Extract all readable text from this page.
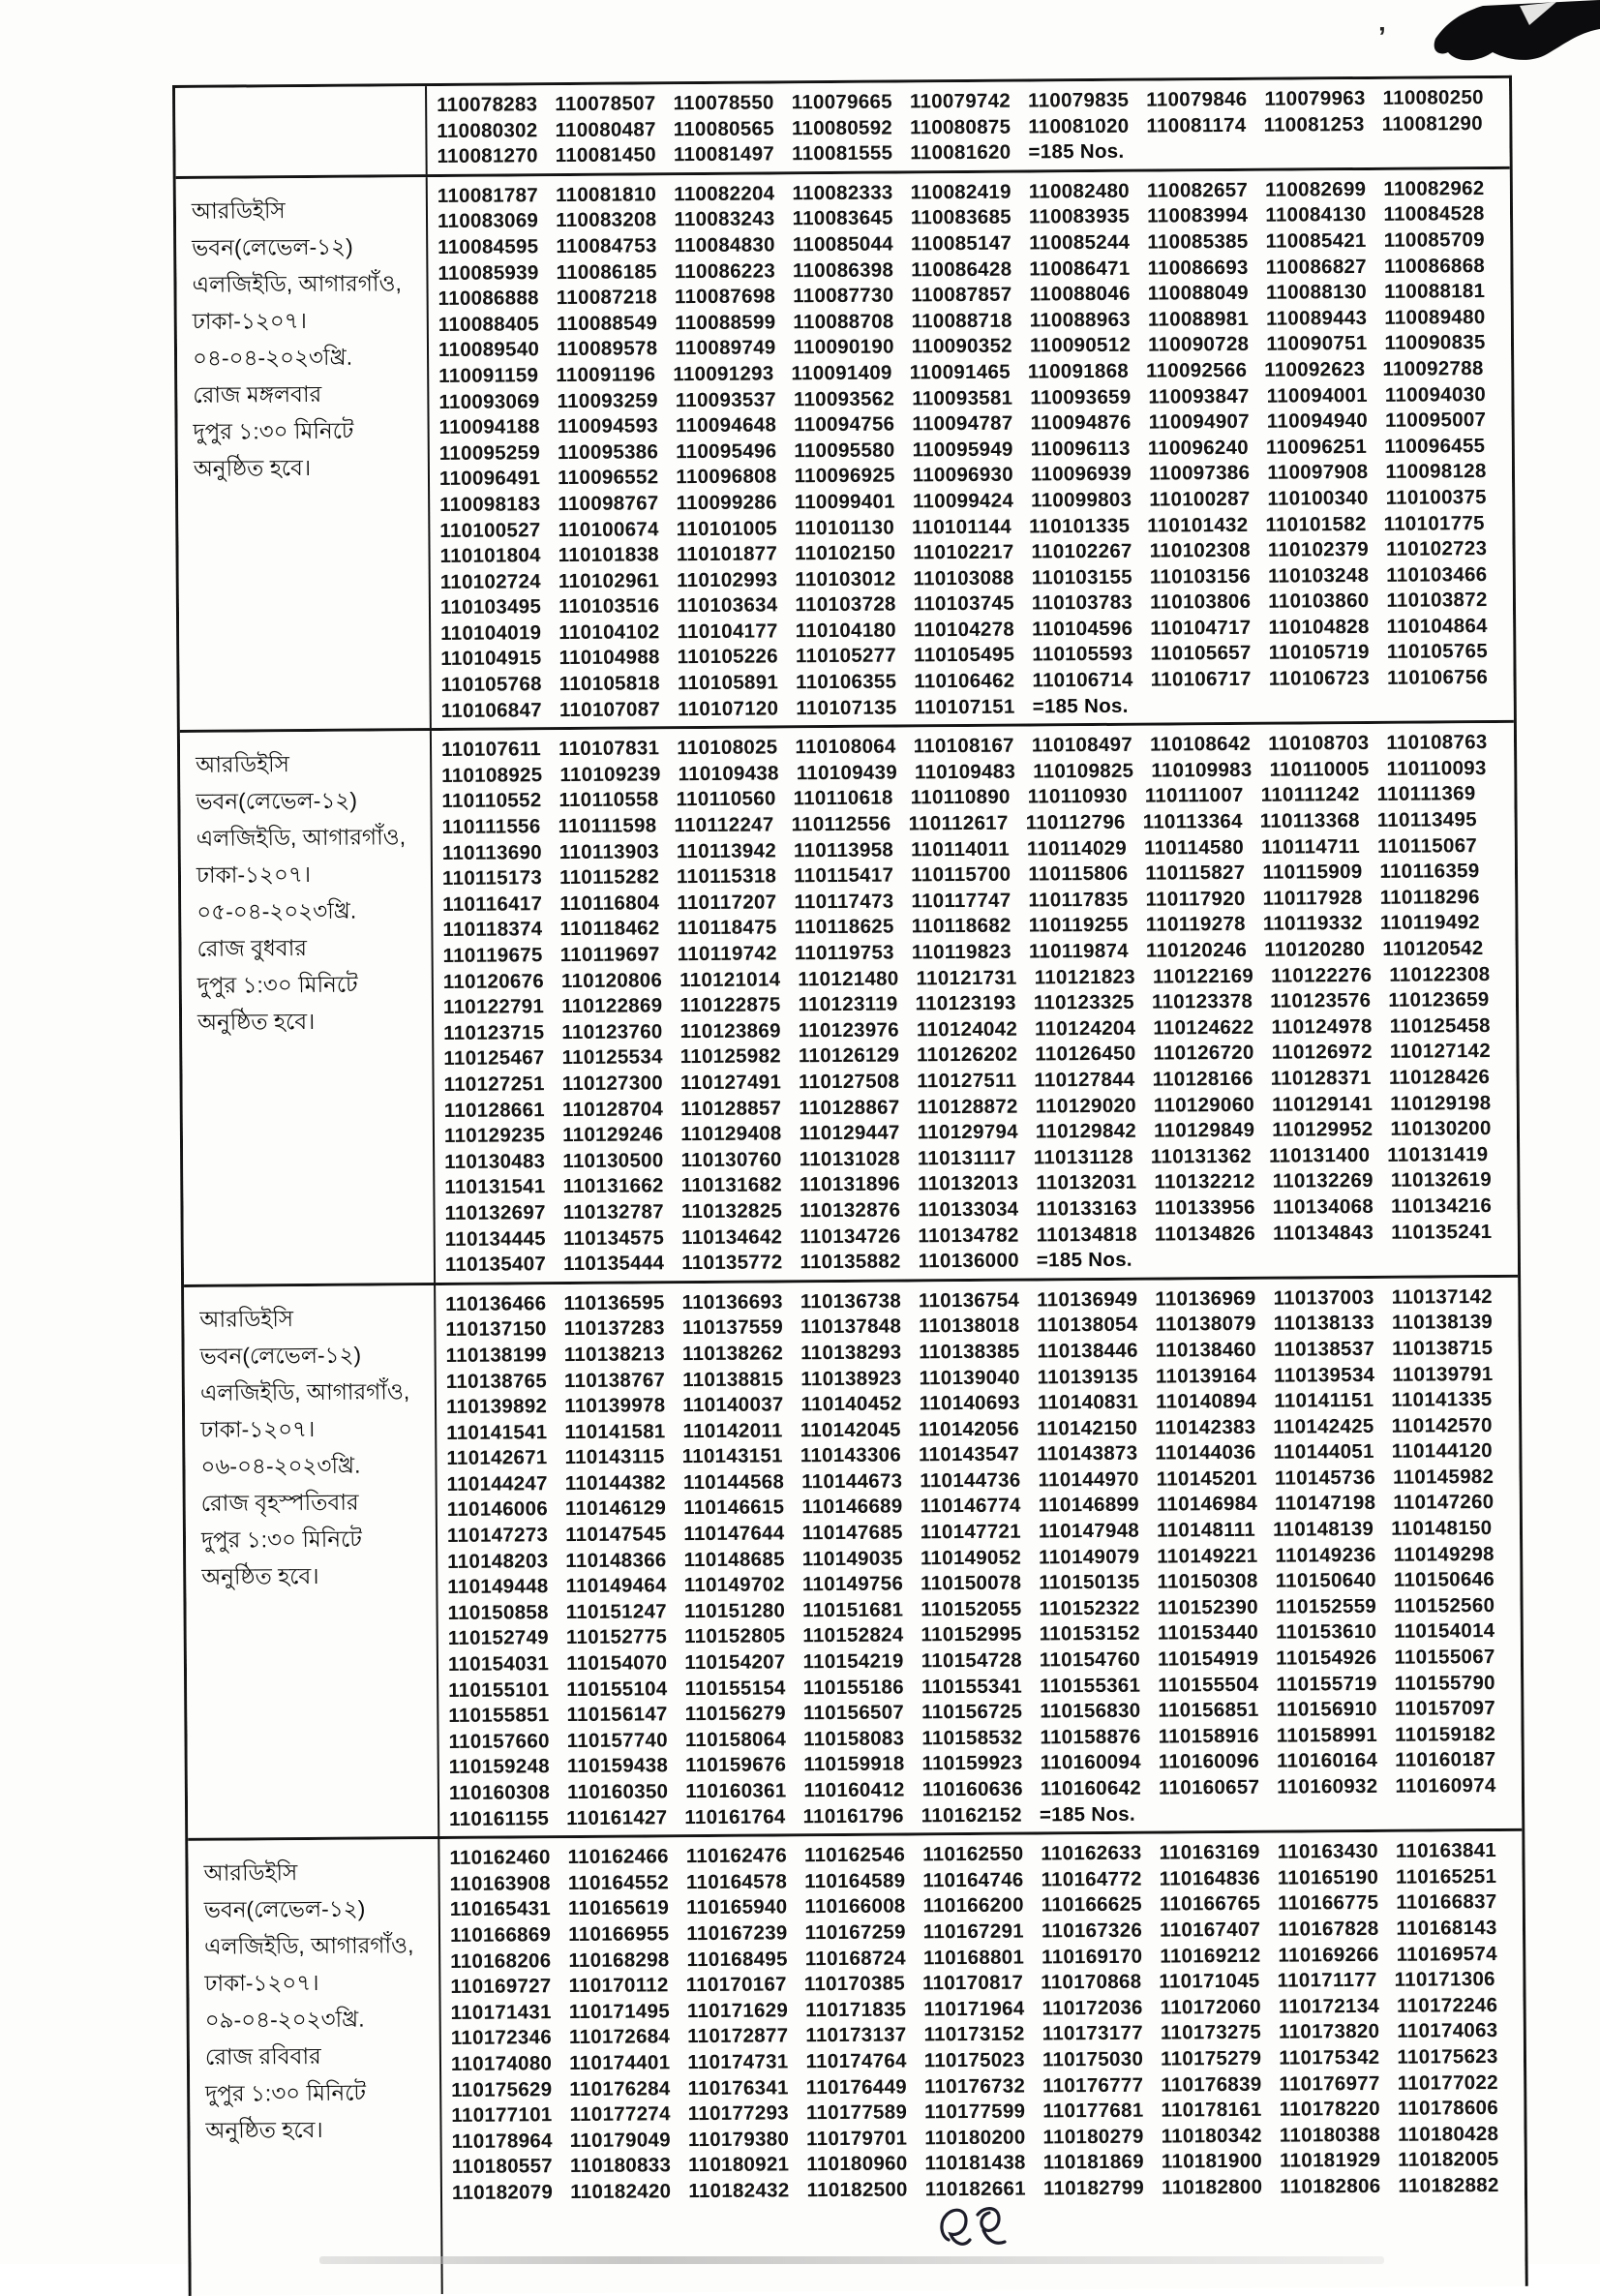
’
110078283 110078507 110078550 110079665 110079742 110079835 110079846 110079963 110080250
110080302 110080487 110080565 110080592 110080875 110081020 110081174 110081253 110081290
110081270 110081450 110081497 110081555 110081620 =185 Nos.
আরডিইসি
ভবন(লেভেল-১২)
এলজিইডি, আগারগাঁও,
ঢাকা-১২০৭।
০৪-০৪-২০২৩খ্রি.
রোজ মঙ্গলবার
দুপুর ১:৩০ মিনিটে
অনুষ্ঠিত হবে।
110081787 110081810 110082204 110082333 110082419 110082480 110082657 110082699 110082962
110083069 110083208 110083243 110083645 110083685 110083935 110083994 110084130 110084528
110084595 110084753 110084830 110085044 110085147 110085244 110085385 110085421 110085709
110085939 110086185 110086223 110086398 110086428 110086471 110086693 110086827 110086868
110086888 110087218 110087698 110087730 110087857 110088046 110088049 110088130 110088181
110088405 110088549 110088599 110088708 110088718 110088963 110088981 110089443 110089480
110089540 110089578 110089749 110090190 110090352 110090512 110090728 110090751 110090835
110091159 110091196 110091293 110091409 110091465 110091868 110092566 110092623 110092788
110093069 110093259 110093537 110093562 110093581 110093659 110093847 110094001 110094030
110094188 110094593 110094648 110094756 110094787 110094876 110094907 110094940 110095007
110095259 110095386 110095496 110095580 110095949 110096113 110096240 110096251 110096455
110096491 110096552 110096808 110096925 110096930 110096939 110097386 110097908 110098128
110098183 110098767 110099286 110099401 110099424 110099803 110100287 110100340 110100375
110100527 110100674 110101005 110101130 110101144 110101335 110101432 110101582 110101775
110101804 110101838 110101877 110102150 110102217 110102267 110102308 110102379 110102723
110102724 110102961 110102993 110103012 110103088 110103155 110103156 110103248 110103466
110103495 110103516 110103634 110103728 110103745 110103783 110103806 110103860 110103872
110104019 110104102 110104177 110104180 110104278 110104596 110104717 110104828 110104864
110104915 110104988 110105226 110105277 110105495 110105593 110105657 110105719 110105765
110105768 110105818 110105891 110106355 110106462 110106714 110106717 110106723 110106756
110106847 110107087 110107120 110107135 110107151 =185 Nos.
আরডিইসি
ভবন(লেভেল-১২)
এলজিইডি, আগারগাঁও,
ঢাকা-১২০৭।
০৫-০৪-২০২৩খ্রি.
রোজ বুধবার
দুপুর ১:৩০ মিনিটে
অনুষ্ঠিত হবে।
110107611 110107831 110108025 110108064 110108167 110108497 110108642 110108703 110108763
110108925 110109239 110109438 110109439 110109483 110109825 110109983 110110005 110110093
110110552 110110558 110110560 110110618 110110890 110110930 110111007 110111242 110111369
110111556 110111598 110112247 110112556 110112617 110112796 110113364 110113368 110113495
110113690 110113903 110113942 110113958 110114011 110114029 110114580 110114711 110115067
110115173 110115282 110115318 110115417 110115700 110115806 110115827 110115909 110116359
110116417 110116804 110117207 110117473 110117747 110117835 110117920 110117928 110118296
110118374 110118462 110118475 110118625 110118682 110119255 110119278 110119332 110119492
110119675 110119697 110119742 110119753 110119823 110119874 110120246 110120280 110120542
110120676 110120806 110121014 110121480 110121731 110121823 110122169 110122276 110122308
110122791 110122869 110122875 110123119 110123193 110123325 110123378 110123576 110123659
110123715 110123760 110123869 110123976 110124042 110124204 110124622 110124978 110125458
110125467 110125534 110125982 110126129 110126202 110126450 110126720 110126972 110127142
110127251 110127300 110127491 110127508 110127511 110127844 110128166 110128371 110128426
110128661 110128704 110128857 110128867 110128872 110129020 110129060 110129141 110129198
110129235 110129246 110129408 110129447 110129794 110129842 110129849 110129952 110130200
110130483 110130500 110130760 110131028 110131117 110131128 110131362 110131400 110131419
110131541 110131662 110131682 110131896 110132013 110132031 110132212 110132269 110132619
110132697 110132787 110132825 110132876 110133034 110133163 110133956 110134068 110134216
110134445 110134575 110134642 110134726 110134782 110134818 110134826 110134843 110135241
110135407 110135444 110135772 110135882 110136000 =185 Nos.
আরডিইসি
ভবন(লেভেল-১২)
এলজিইডি, আগারগাঁও,
ঢাকা-১২০৭।
০৬-০৪-২০২৩খ্রি.
রোজ বৃহস্পতিবার
দুপুর ১:৩০ মিনিটে
অনুষ্ঠিত হবে।
110136466 110136595 110136693 110136738 110136754 110136949 110136969 110137003 110137142
110137150 110137283 110137559 110137848 110138018 110138054 110138079 110138133 110138139
110138199 110138213 110138262 110138293 110138385 110138446 110138460 110138537 110138715
110138765 110138767 110138815 110138923 110139040 110139135 110139164 110139534 110139791
110139892 110139978 110140037 110140452 110140693 110140831 110140894 110141151 110141335
110141541 110141581 110142011 110142045 110142056 110142150 110142383 110142425 110142570
110142671 110143115 110143151 110143306 110143547 110143873 110144036 110144051 110144120
110144247 110144382 110144568 110144673 110144736 110144970 110145201 110145736 110145982
110146006 110146129 110146615 110146689 110146774 110146899 110146984 110147198 110147260
110147273 110147545 110147644 110147685 110147721 110147948 110148111 110148139 110148150
110148203 110148366 110148685 110149035 110149052 110149079 110149221 110149236 110149298
110149448 110149464 110149702 110149756 110150078 110150135 110150308 110150640 110150646
110150858 110151247 110151280 110151681 110152055 110152322 110152390 110152559 110152560
110152749 110152775 110152805 110152824 110152995 110153152 110153440 110153610 110154014
110154031 110154070 110154207 110154219 110154728 110154760 110154919 110154926 110155067
110155101 110155104 110155154 110155186 110155341 110155361 110155504 110155719 110155790
110155851 110156147 110156279 110156507 110156725 110156830 110156851 110156910 110157097
110157660 110157740 110158064 110158083 110158532 110158876 110158916 110158991 110159182
110159248 110159438 110159676 110159918 110159923 110160094 110160096 110160164 110160187
110160308 110160350 110160361 110160412 110160636 110160642 110160657 110160932 110160974
110161155 110161427 110161764 110161796 110162152 =185 Nos.
আরডিইসি
ভবন(লেভেল-১২)
এলজিইডি, আগারগাঁও,
ঢাকা-১২০৭।
০৯-০৪-২০২৩খ্রি.
রোজ রবিবার
দুপুর ১:৩০ মিনিটে
অনুষ্ঠিত হবে।
110162460 110162466 110162476 110162546 110162550 110162633 110163169 110163430 110163841
110163908 110164552 110164578 110164589 110164746 110164772 110164836 110165190 110165251
110165431 110165619 110165940 110166008 110166200 110166625 110166765 110166775 110166837
110166869 110166955 110167239 110167259 110167291 110167326 110167407 110167828 110168143
110168206 110168298 110168495 110168724 110168801 110169170 110169212 110169266 110169574
110169727 110170112 110170167 110170385 110170817 110170868 110171045 110171177 110171306
110171431 110171495 110171629 110171835 110171964 110172036 110172060 110172134 110172246
110172346 110172684 110172877 110173137 110173152 110173177 110173275 110173820 110174063
110174080 110174401 110174731 110174764 110175023 110175030 110175279 110175342 110175623
110175629 110176284 110176341 110176449 110176732 110176777 110176839 110176977 110177022
110177101 110177274 110177293 110177589 110177599 110177681 110178161 110178220 110178606
110178964 110179049 110179380 110179701 110180200 110180279 110180342 110180388 110180428
110180557 110180833 110180921 110180960 110181438 110181869 110181900 110181929 110182005
110182079 110182420 110182432 110182500 110182661 110182799 110182800 110182806 110182882
